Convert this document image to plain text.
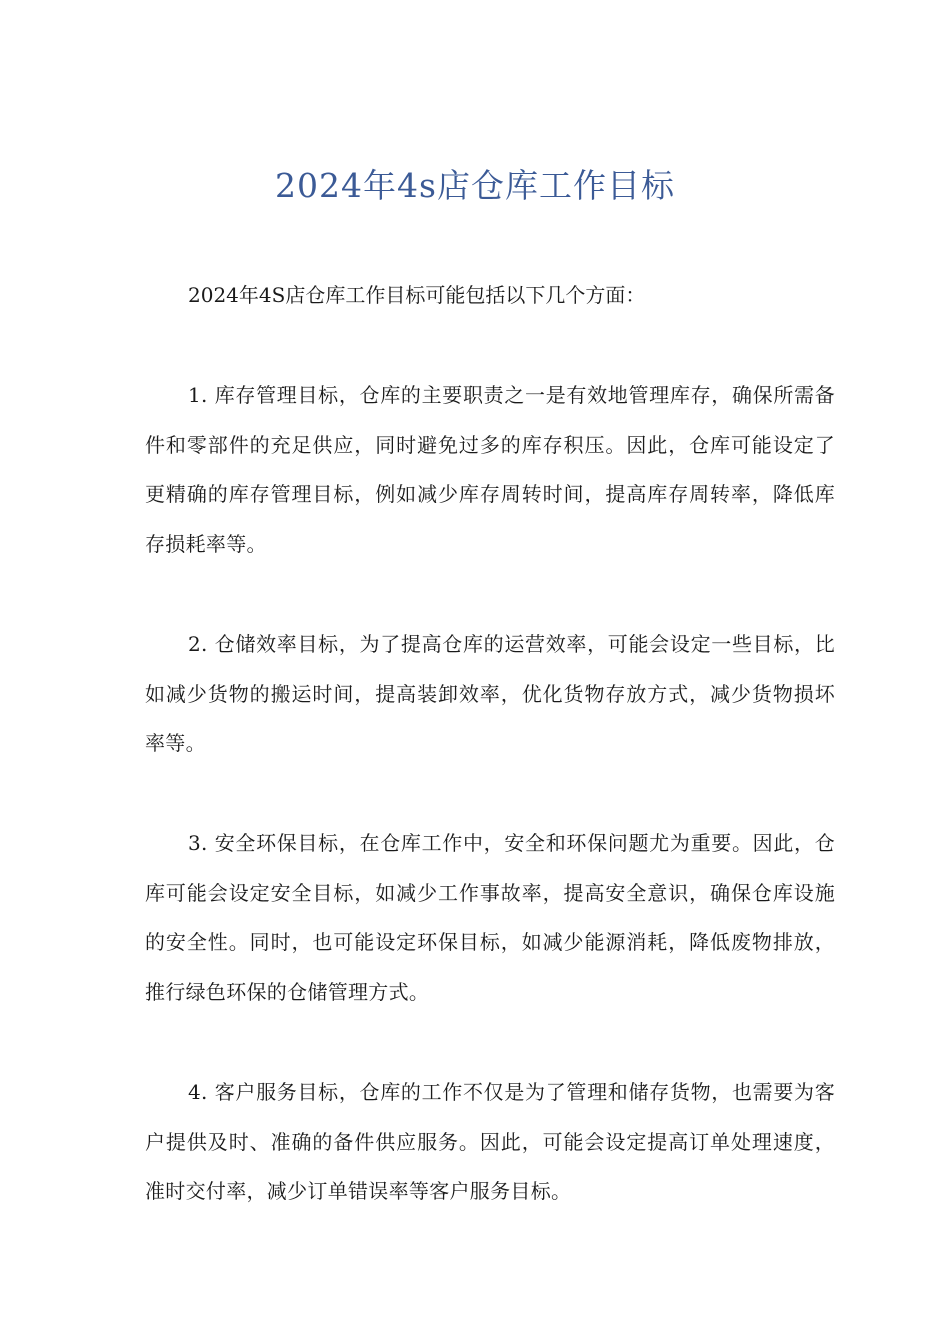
2024年4s店仓库工作目标

2024年4S店仓库工作目标可能包括以下几个方面：

1. 库存管理目标，仓库的主要职责之一是有效地管理库存，确保所需备件和零部件的充足供应，同时避免过多的库存积压。因此，仓库可能设定了更精确的库存管理目标，例如减少库存周转时间，提高库存周转率，降低库存损耗率等。

2. 仓储效率目标，为了提高仓库的运营效率，可能会设定一些目标，比如减少货物的搬运时间，提高装卸效率，优化货物存放方式，减少货物损坏率等。

3. 安全环保目标，在仓库工作中，安全和环保问题尤为重要。因此，仓库可能会设定安全目标，如减少工作事故率，提高安全意识，确保仓库设施的安全性。同时，也可能设定环保目标，如减少能源消耗，降低废物排放，推行绿色环保的仓储管理方式。

4. 客户服务目标，仓库的工作不仅是为了管理和储存货物，也需要为客户提供及时、准确的备件供应服务。因此，可能会设定提高订单处理速度，准时交付率，减少订单错误率等客户服务目标。
